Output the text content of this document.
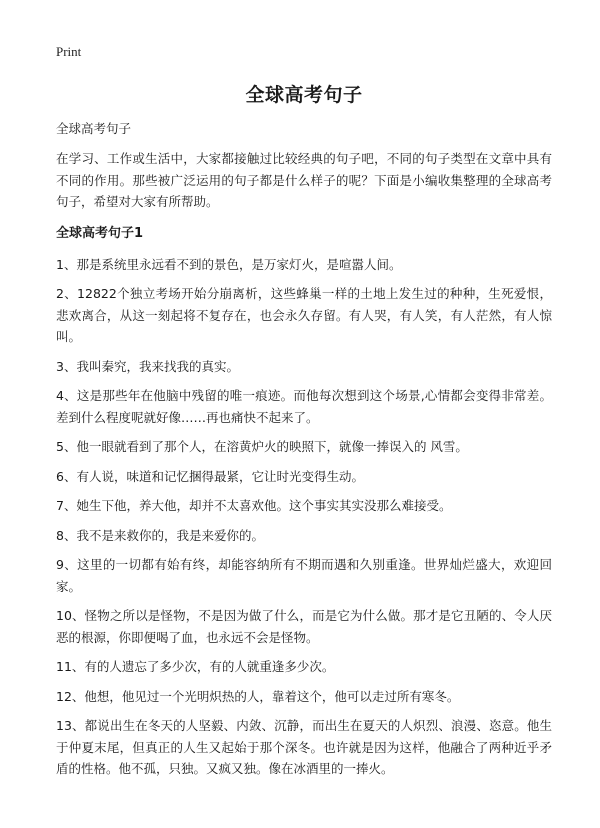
Print
全球高考句子

全球高考句子

在学习、工作或生活中，大家都接触过比较经典的句子吧，不同的句子类型在文章中具有不同的作用。那些被广泛运用的句子都是什么样子的呢？下面是小编收集整理的全球高考句子，希望对大家有所帮助。

全球高考句子1
1、那是系统里永远看不到的景色，是万家灯火，是喧嚣人间。
2、12822个独立考场开始分崩离析，这些蜂巢一样的土地上发生过的种种，生死爱恨，悲欢离合，从这一刻起将不复存在，也会永久存留。有人哭，有人笑，有人茫然，有人惊叫。
3、我叫秦究，我来找我的真实。
4、这是那些年在他脑中残留的唯一痕迹。而他每次想到这个场景,心情都会变得非常差。差到什么程度呢就好像……再也痛快不起来了。
5、他一眼就看到了那个人，在溶黄炉火的映照下，就像一捧误入的 风雪。
6、有人说，味道和记忆捆得最紧，它让时光变得生动。
7、她生下他，养大他，却并不太喜欢他。这个事实其实没那么难接受。
8、我不是来救你的，我是来爱你的。
9、这里的一切都有始有终，却能容纳所有不期而遇和久别重逢。世界灿烂盛大，欢迎回家。
10、怪物之所以是怪物，不是因为做了什么，而是它为什么做。那才是它丑陋的、令人厌恶的根源，你即便喝了血，也永远不会是怪物。
11、有的人遗忘了多少次，有的人就重逢多少次。
12、他想，他见过一个光明炽热的人，靠着这个，他可以走过所有寒冬。
13、都说出生在冬天的人坚毅、内敛、沉静，而出生在夏天的人炽烈、浪漫、恣意。他生于仲夏末尾，但真正的人生又起始于那个深冬。也许就是因为这样，他融合了两种近乎矛盾的性格。他不孤，只独。又疯又独。像在冰酒里的一捧火。
